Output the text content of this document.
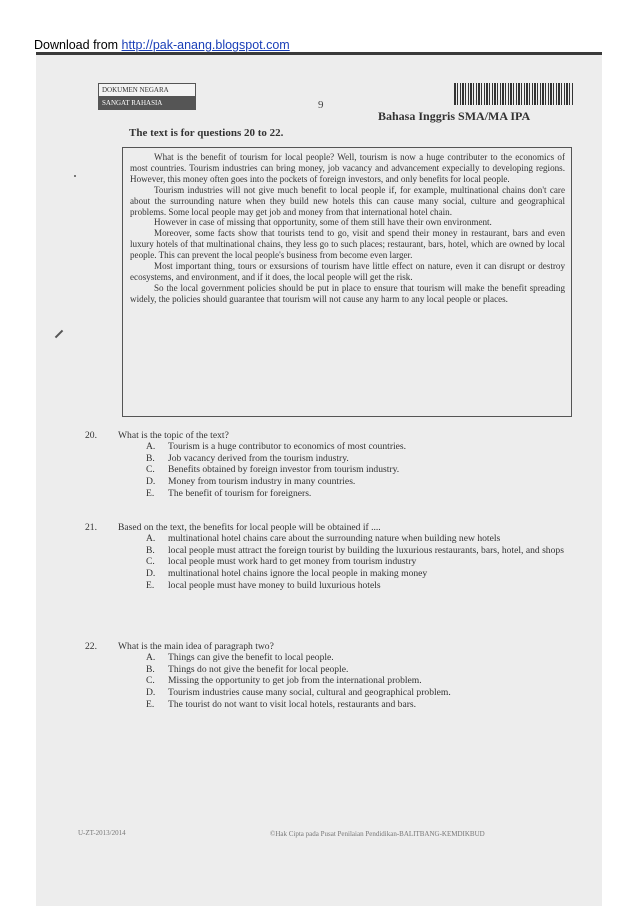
Download from http://pak-anang.blogspot.com
DOKUMEN NEGARA
SANGAT RAHASIA	9
Bahasa Inggris SMA/MA IPA
The text is for questions 20 to 22.

What is the benefit of tourism for local people? Well, tourism is now a huge contributer to the economics of most countries. Tourism industries can bring money, job vacancy and advancement expecially to developing regions. However, this money often goes into the pockets of foreign investors, and only benefits for local people.

Tourism industries will not give much benefit to local people if, for example, multinational chains don't care about the surrounding nature when they build new hotels this can cause many social, culture and geographical problems. Some local people may get job and money from that international hotel chain.

However in case of missing that opportunity, some of them still have their own environment.

Moreover, some facts show that tourists tend to go, visit and spend their money in restaurant, bars and even luxury hotels of that multinational chains, they less go to such places; restaurant, bars, hotel, which are owned by local people. This can prevent the local people's business from become even larger.

Most important thing, tours or exsursions of tourism have little effect on nature, even it can disrupt or destroy ecosystems, and environment, and if it does, the local people will get the risk.

So the local government policies should be put in place to ensure that tourism will make the benefit spreading widely, the policies should guarantee that tourism will not cause any harm to any local people or places.

20. What is the topic of the text?
A. Tourism is a huge contributor to economics of most countries.
B. Job vacancy derived from the tourism industry.
C. Benefits obtained by foreign investor from tourism industry.
D. Money from tourism industry in many countries.
E. The benefit of tourism for foreigners.
21. Based on the text, the benefits for local people will be obtained if ....
A. multinational hotel chains care about the surrounding nature when building new hotels
B. local people must attract the foreign tourist by building the luxurious restaurants, bars, hotel, and shops
C. local people must work hard to get money from tourism industry
D. multinational hotel chains ignore the local people in making money
E. local people must have money to build luxurious hotels
22. What is the main idea of paragraph two?
A. Things can give the benefit to local people.
B. Things do not give the benefit for local people.
C. Missing the opportunity to get job from the international problem.
D. Tourism industries cause many social, cultural and geographical problem.
E. The tourist do not want to visit local hotels, restaurants and bars.
U-ZT-2013/2014	©Hak Cipta pada Pusat Penilaian Pendidikan-BALITBANG-KEMDIKBUD
